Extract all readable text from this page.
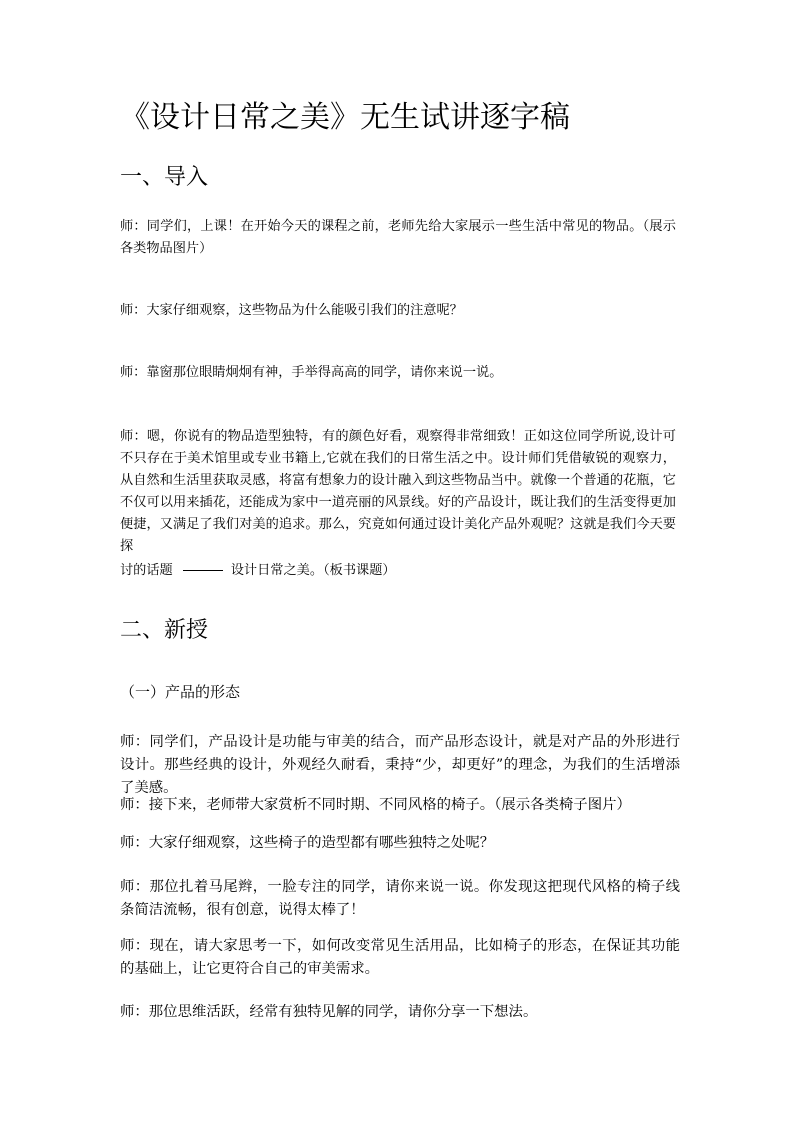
《设计日常之美》无生试讲逐字稿
一、导入

师：同学们，上课！在开始今天的课程之前，老师先给大家展示一些生活中常见的物品。（展示各类物品图片）

师：大家仔细观察，这些物品为什么能吸引我们的注意呢？

师：靠窗那位眼睛炯炯有神，手举得高高的同学，请你来说一说。

师：嗯，你说有的物品造型独特，有的颜色好看，观察得非常细致！正如这位同学所说,设计可不只存在于美术馆里或专业书籍上,它就在我们的日常生活之中。设计师们凭借敏锐的观察力，从自然和生活里获取灵感，将富有想象力的设计融入到这些物品当中。就像一个普通的花瓶，它不仅可以用来插花，还能成为家中一道亮丽的风景线。好的产品设计，既让我们的生活变得更加便捷，又满足了我们对美的追求。那么，究竟如何通过设计美化产品外观呢？这就是我们今天要探

讨的话题	设计日常之美。（板书课题）

二、新授
（一）产品的形态

师：同学们，产品设计是功能与审美的结合，而产品形态设计，就是对产品的外形进行设计。那些经典的设计，外观经久耐看，秉持“少，却更好”的理念，为我们的生活增添了美感。

师：接下来，老师带大家赏析不同时期、不同风格的椅子。（展示各类椅子图片）

师：大家仔细观察，这些椅子的造型都有哪些独特之处呢？

师：那位扎着马尾辫，一脸专注的同学，请你来说一说。你发现这把现代风格的椅子线条简洁流畅，很有创意，说得太棒了！

师：现在，请大家思考一下，如何改变常见生活用品，比如椅子的形态，在保证其功能的基础上，让它更符合自己的审美需求。

师：那位思维活跃，经常有独特见解的同学，请你分享一下想法。
